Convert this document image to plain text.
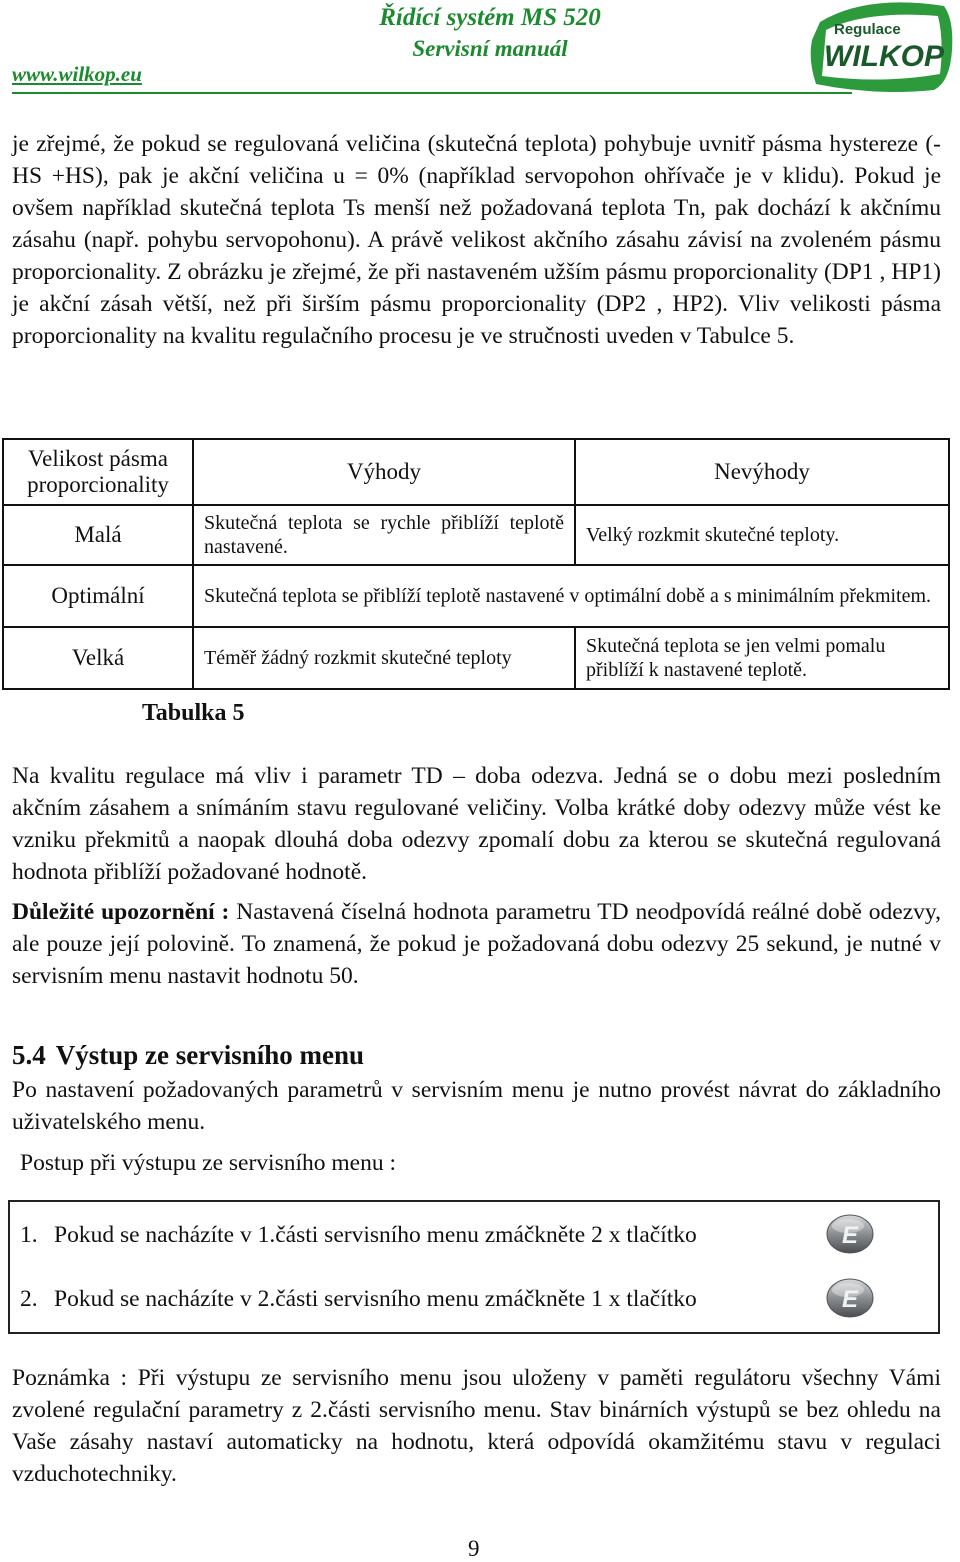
www.wilkop.eu
Řídící systém MS 520
Servisní manuál
Regulace
WILKOP

je zřejmé, že pokud se regulovaná veličina (skutečná teplota) pohybuje uvnitř pásma hystereze (-HS +HS), pak je akční veličina u = 0% (například servopohon ohřívače je v klidu). Pokud je ovšem například skutečná teplota Ts menší než požadovaná teplota Tn, pak dochází k akčnímu zásahu (např. pohybu servopohonu). A právě velikost akčního zásahu závisí na zvoleném pásmu proporcionality. Z obrázku je zřejmé, že při nastaveném užším pásmu proporcionality (DP1 , HP1) je akční zásah větší, než při širším pásmu proporcionality (DP2 , HP2). Vliv velikosti pásma proporcionality na kvalitu regulačního procesu je ve stručnosti uveden v Tabulce 5.

Velikost pásma proporcionality	Výhody	Nevýhody
Malá	Skutečná teplota se rychle přiblíží teplotě nastavené.	Velký rozkmit skutečné teploty.
Optimální	Skutečná teplota se přiblíží teplotě nastavené v optimální době a s minimálním překmitem.	
Velká	Téměř žádný rozkmit skutečné teploty	Skutečná teplota se jen velmi pomalu přiblíží k nastavené teplotě.
Tabulka 5

Na kvalitu regulace má vliv i parametr TD – doba odezva. Jedná se o dobu mezi posledním akčním zásahem a snímáním stavu regulované veličiny. Volba krátké doby odezvy může vést ke vzniku překmitů a naopak dlouhá doba odezvy zpomalí dobu za kterou se skutečná regulovaná hodnota přiblíží požadované hodnotě.

Důležité upozornění : Nastavená číselná hodnota parametru TD neodpovídá reálné době odezvy, ale pouze její polovině. To znamená, že pokud je požadovaná dobu odezvy 25 sekund, je nutné v servisním menu nastavit hodnotu 50.

5.4 Výstup ze servisního menu

Po nastavení požadovaných parametrů v servisním menu je nutno provést návrat do základního uživatelského menu.

Postup při výstupu ze servisního menu :
1. Pokud se nacházíte v 1.části servisního menu zmáčkněte 2 x tlačítko	E
2. Pokud se nacházíte v 2.části servisního menu zmáčkněte 1 x tlačítko	E

Poznámka : Při výstupu ze servisního menu jsou uloženy v paměti regulátoru všechny Vámi zvolené regulační parametry z 2.části servisního menu. Stav binárních výstupů se bez ohledu na Vaše zásahy nastaví automaticky na hodnotu, která odpovídá okamžitému stavu v regulaci vzduchotechniky.

9
